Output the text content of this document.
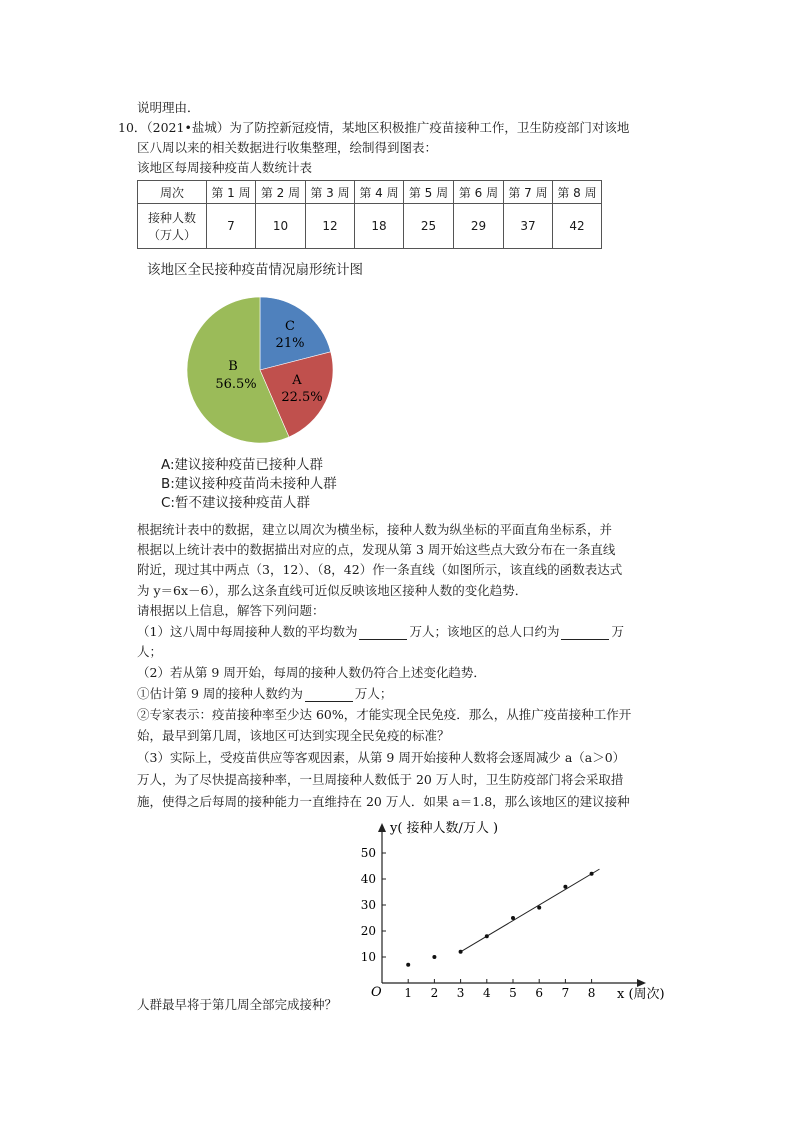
说明理由．
10．（2021•盐城）为了防控新冠疫情，某地区积极推广疫苗接种工作，卫生防疫部门对该地
区八周以来的相关数据进行收集整理，绘制得到图表：
该地区每周接种疫苗人数统计表
周次	第 1 周	第 2 周	第 3 周	第 4 周	第 5 周	第 6 周	第 7 周	第 8 周

接种人数
（万人）	7	10	12	18	25	29	37	42
该地区全民接种疫苗情况扇形统计图
C
21%
A
22.5%
B
56.5%
A:建议接种疫苗已接种人群
B:建议接种疫苗尚未接种人群
C:暂不建议接种疫苗人群
根据统计表中的数据，建立以周次为横坐标，接种人数为纵坐标的平面直角坐标系，并
根据以上统计表中的数据描出对应的点，发现从第 3 周开始这些点大致分布在一条直线
附近，现过其中两点（3，12）、（8，42）作一条直线（如图所示，该直线的函数表达式
为 y＝6x－6），那么这条直线可近似反映该地区接种人数的变化趋势．
请根据以上信息，解答下列问题：
（1）这八周中每周接种人数的平均数为	万人；该地区的总人口约为	万
人；
（2）若从第 9 周开始，每周的接种人数仍符合上述变化趋势．
①估计第 9 周的接种人数约为	万人；
②专家表示：疫苗接种率至少达 60%，才能实现全民免疫．那么，从推广疫苗接种工作开
始，最早到第几周，该地区可达到实现全民免疫的标准？
（3）实际上，受疫苗供应等客观因素，从第 9 周开始接种人数将会逐周减少 a（a＞0）
万人，为了尽快提高接种率，一旦周接种人数低于 20 万人时，卫生防疫部门将会采取措
施，使得之后每周的接种能力一直维持在 20 万人．如果 a＝1.8，那么该地区的建议接种
人群最早将于第几周全部完成接种？
y( 接种人数/万人 )
x (周次)
O 1 2 3 4 5 6 7 8
10
20
30
40
50
